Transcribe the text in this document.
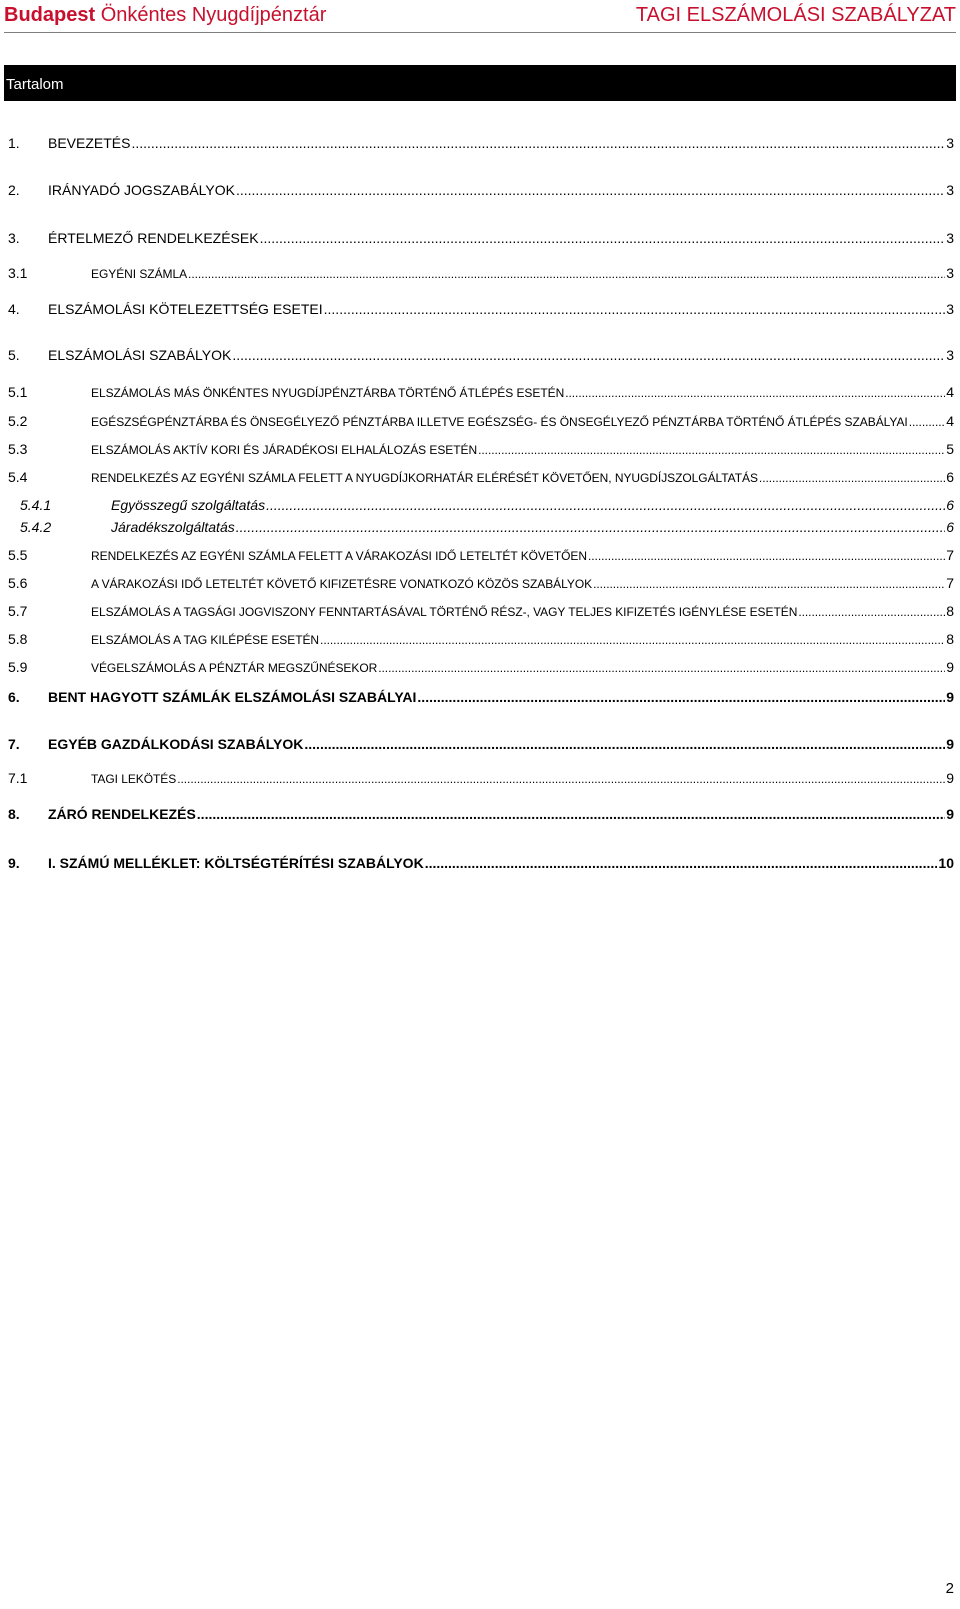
Budapest Önkéntes Nyugdíjpénztár	TAGI ELSZÁMOLÁSI SZABÁLYZAT
Tartalom
1. BEVEZETÉS .....	3
2. IRÁNYADÓ JOGSZABÁLYOK .....	3
3. ÉRTELMEZŐ RENDELKEZÉSEK .....	3
3.1	EGYÉNI SZÁMLA .....	3
4. ELSZÁMOLÁSI KÖTELEZETTSÉG ESETEI .....	3
5. ELSZÁMOLÁSI SZABÁLYOK .....	3
5.1	ELSZÁMOLÁS MÁS ÖNKÉNTES NYUGDÍJPÉNZTÁRBA TÖRTÉNŐ ÁTLÉPÉS ESETÉN .....	4
5.2	EGÉSZSÉGPÉNZTÁRBA ÉS ÖNSEGÉLYEZŐ PÉNZTÁRBA ILLETVE EGÉSZSÉG- ÉS ÖNSEGÉLYEZŐ PÉNZTÁRBA TÖRTÉNŐ ÁTLÉPÉS SZABÁLYAI .....	4
5.3	ELSZÁMOLÁS AKTÍV KORI ÉS JÁRADÉKOSI ELHALÁLOZÁS ESETÉN .....	5
5.4	RENDELKEZÉS AZ EGYÉNI SZÁMLA FELETT A NYUGDÍJKORHATÁR ELÉRÉSÉT KÖVETŐEN, NYUGDÍJSZOLGÁLTATÁS .....	6
5.4.1	Egyösszegű szolgáltatás .....	6
5.4.2	Járadékszolgáltatás .....	6
5.5	RENDELKEZÉS AZ EGYÉNI SZÁMLA FELETT A VÁRAKOZÁSI IDŐ LETELTÉT KÖVETŐEN .....	7
5.6	A VÁRAKOZÁSI IDŐ LETELTÉT KÖVETŐ KIFIZETÉSRE VONATKOZÓ KÖZÖS SZABÁLYOK .....	7
5.7	ELSZÁMOLÁS A TAGSÁGI JOGVISZONY FENNTARTÁSÁVAL TÖRTÉNŐ RÉSZ-, VAGY TELJES KIFIZETÉS IGÉNYLÉSE ESETÉN .....	8
5.8	ELSZÁMOLÁS A TAG KILÉPÉSE ESETÉN .....	8
5.9	VÉGELSZÁMOLÁS A PÉNZTÁR MEGSZŰNÉSEKOR .....	9
6. BENT HAGYOTT SZÁMLÁK ELSZÁMOLÁSI SZABÁLYAI .....	9
7. EGYÉB GAZDÁLKODÁSI SZABÁLYOK .....	9
7.1	TAGI LEKÖTÉS .....	9
8. ZÁRÓ RENDELKEZÉS .....	9
9. I. SZÁMÚ MELLÉKLET: KÖLTSÉGTÉRÍTÉSI SZABÁLYOK .....	10
2
